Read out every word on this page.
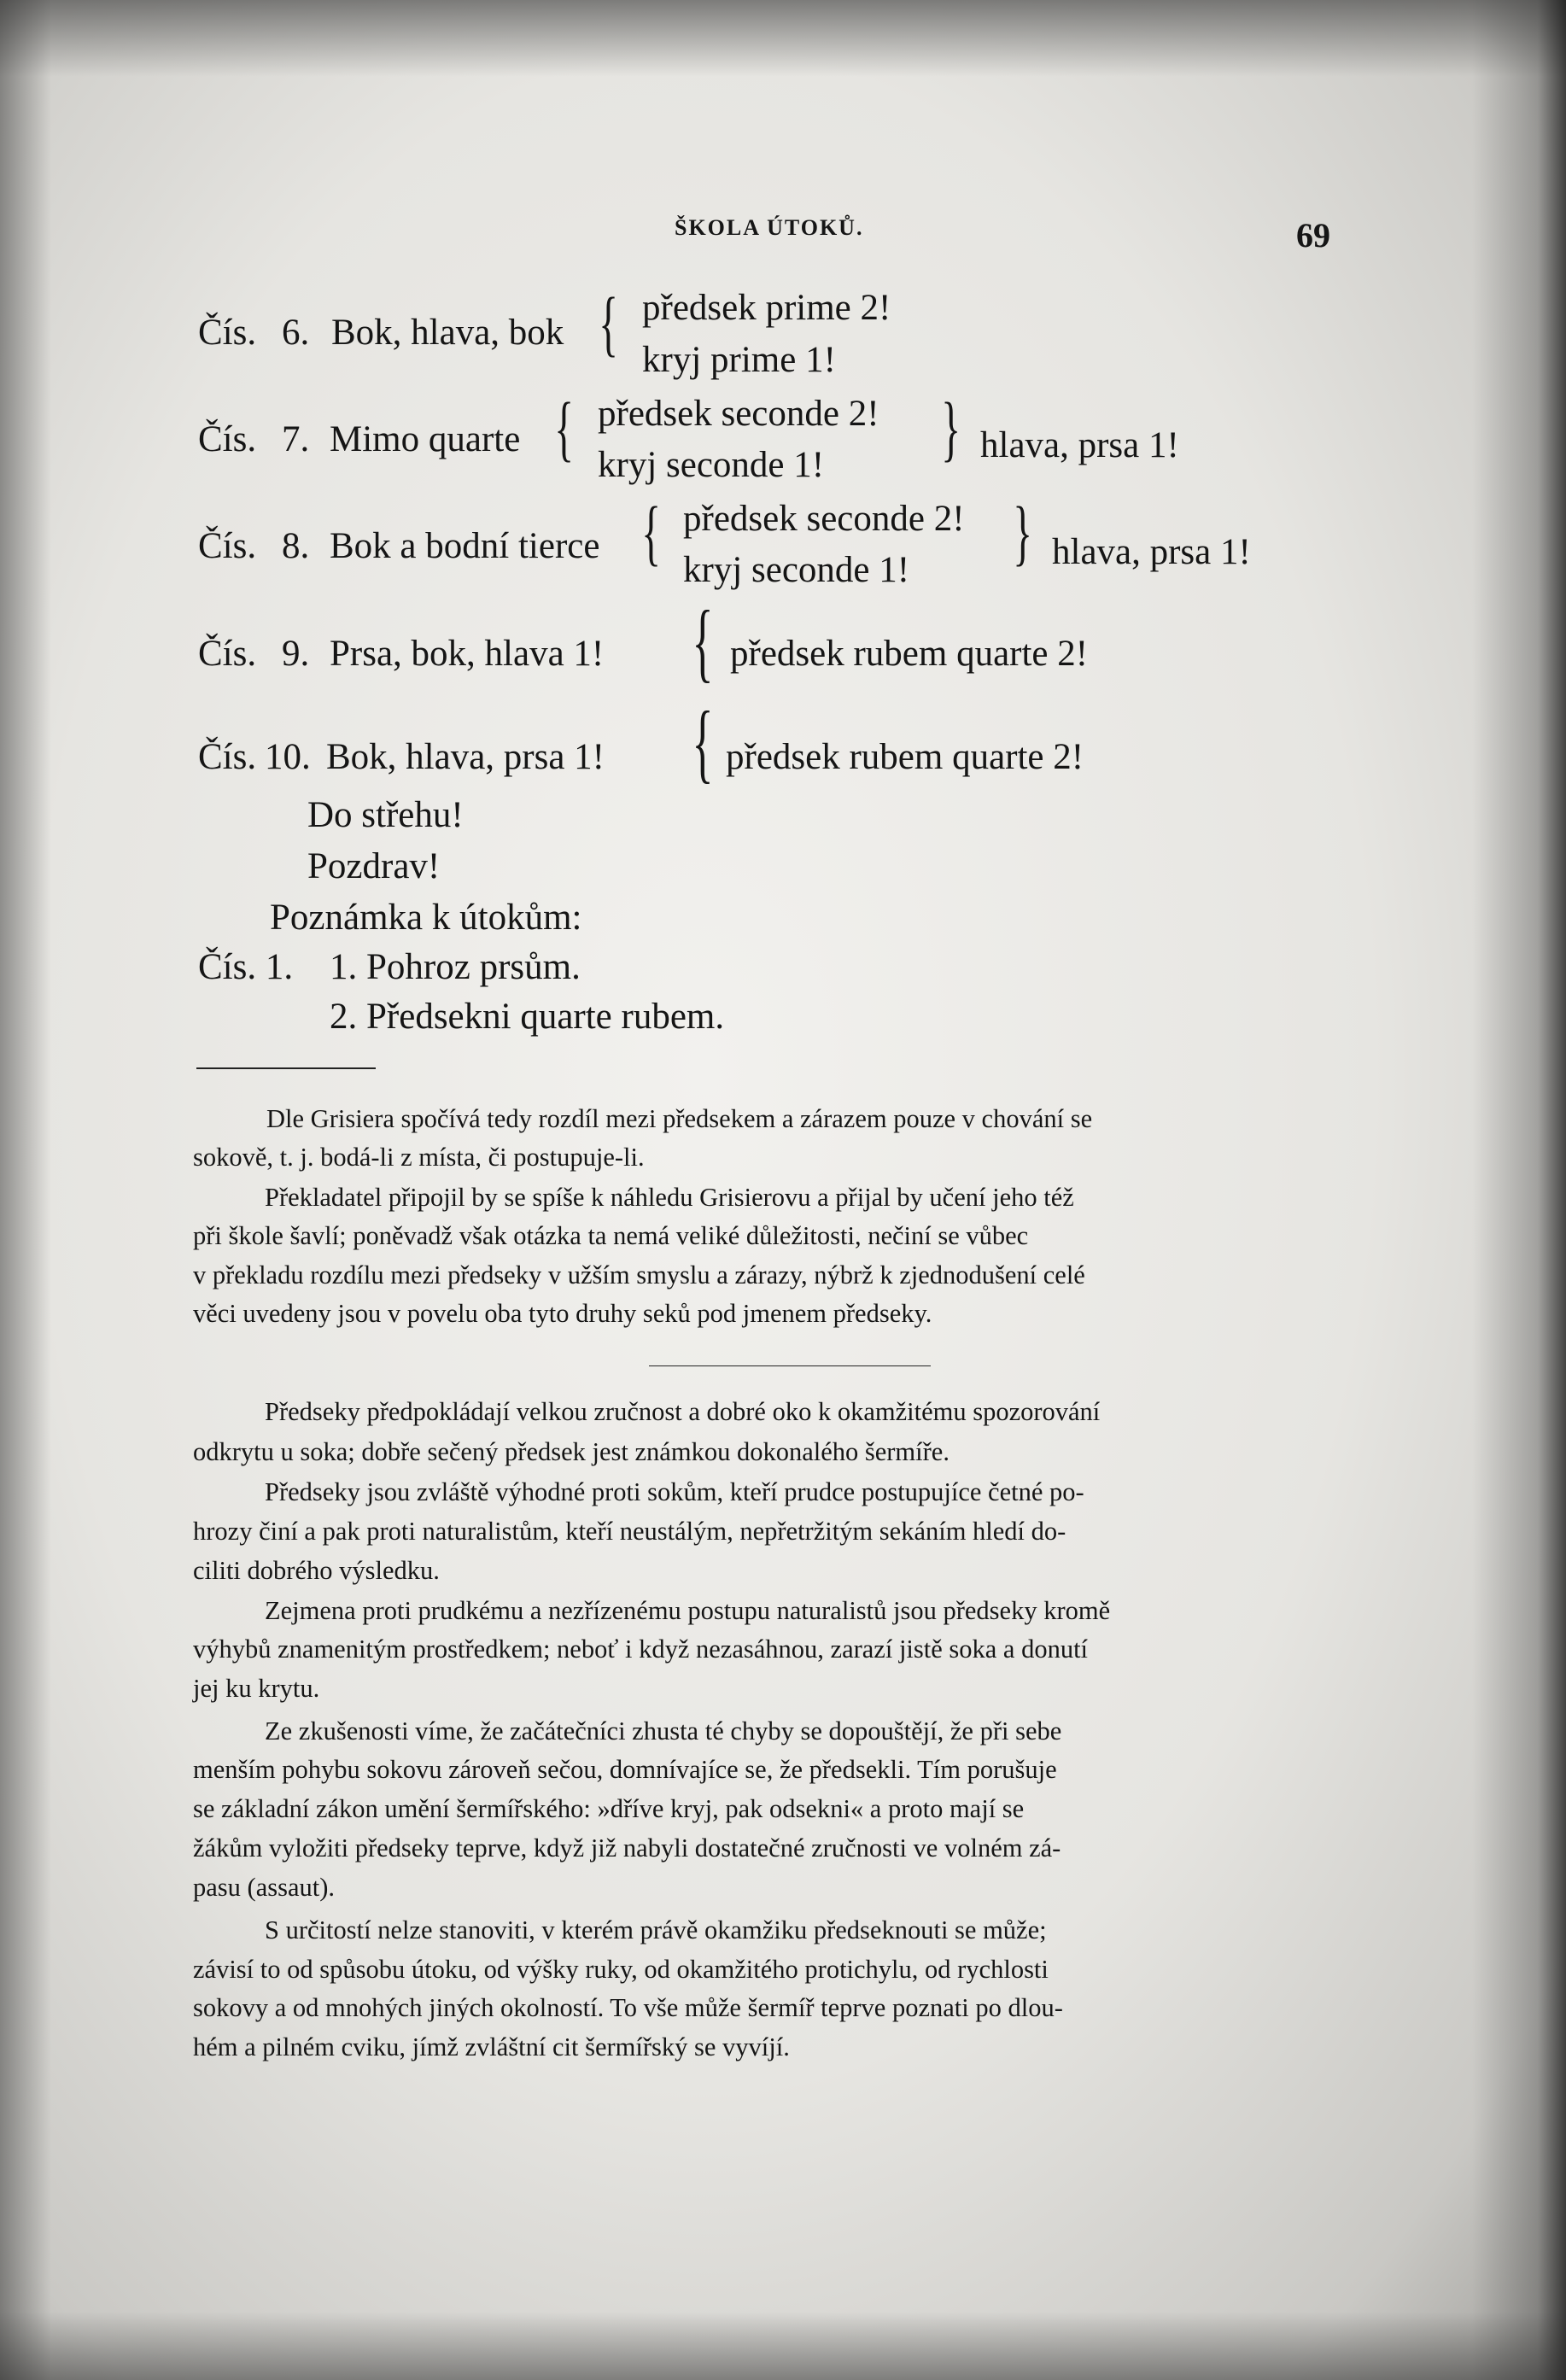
ŠKOLA ÚTOKŮ.	69
Čís. 6. Bok, hlava, bok { předsek prime 2!
kryj prime 1!
Čís. 7. Mimo quarte { předsek seconde 2!
kryj seconde 1! } hlava, prsa 1!
Čís. 8. Bok a bodní tierce { předsek seconde 2!
kryj seconde 1! } hlava, prsa 1!
Čís. 9. Prsa, bok, hlava 1! { předsek rubem quarte 2!
Čís. 10. Bok, hlava, prsa 1! { předsek rubem quarte 2!
Do střehu!
Pozdrav!
Poznámka k útokům:
Čís. 1. 1. Pohroz prsům.
2. Předsekni quarte rubem.
Dle Grisiera spočívá tedy rozdíl mezi předsekem a zárazem pouze v chování se
sokově, t. j. bodá-li z místa, či postupuje-li.
Překladatel připojil by se spíše k náhledu Grisierovu a přijal by učení jeho též
při škole šavlí; poněvadž však otázka ta nemá veliké důležitosti, nečiní se vůbec
v překladu rozdílu mezi předseky v užším smyslu a zárazy, nýbrž k zjednodušení celé
věci uvedeny jsou v povelu oba tyto druhy seků pod jmenem předseky.
Předseky předpokládají velkou zručnost a dobré oko k okamžitému spozorování
odkrytu u soka; dobře sečený předsek jest známkou dokonalého šermíře.
Předseky jsou zvláště výhodné proti sokům, kteří prudce postupujíce četné po-
hrozy činí a pak proti naturalistům, kteří neustálým, nepřetržitým sekáním hledí do-
ciliti dobrého výsledku.
Zejmena proti prudkému a nezřízenému postupu naturalistů jsou předseky kromě
výhybů znamenitým prostředkem; neboť i když nezasáhnou, zarazí jistě soka a donutí
jej ku krytu.
Ze zkušenosti víme, že začátečníci zhusta té chyby se dopouštějí, že při sebe
menším pohybu sokovu zároveň sečou, domnívajíce se, že předsekli. Tím porušuje
se základní zákon umění šermířského: »dříve kryj, pak odsekni« a proto mají se
žákům vyložiti předseky teprve, když již nabyli dostatečné zručnosti ve volném zá-
pasu (assaut).
S určitostí nelze stanoviti, v kterém právě okamžiku předseknouti se může;
závisí to od spůsobu útoku, od výšky ruky, od okamžitého protichylu, od rychlosti
sokovy a od mnohých jiných okolností. To vše může šermíř teprve poznati po dlou-
hém a pilném cviku, jímž zvláštní cit šermířský se vyvíjí.
